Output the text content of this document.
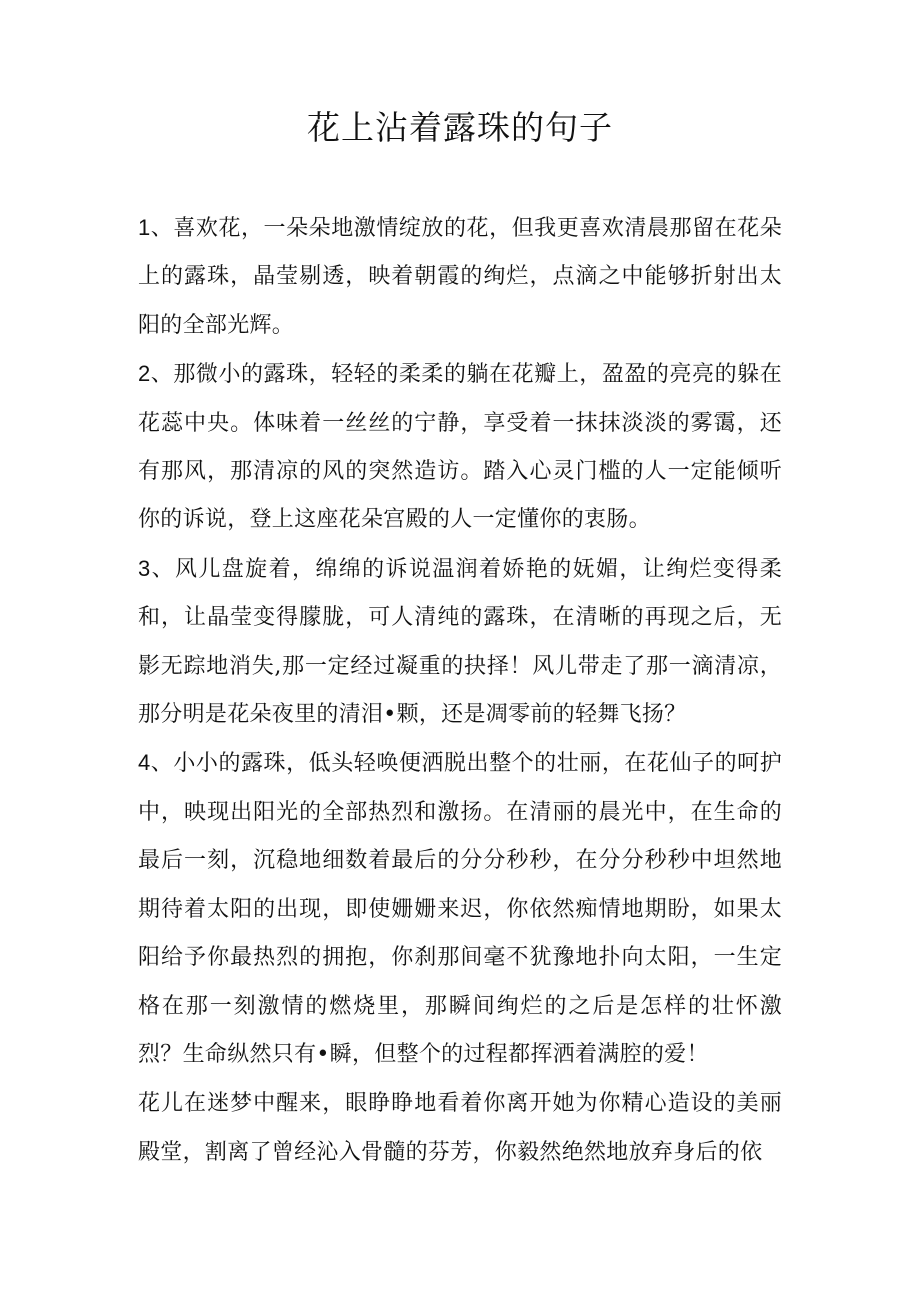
花上沾着露珠的句子

1、喜欢花，一朵朵地激情绽放的花，但我更喜欢清晨那留在花朵上的露珠，晶莹剔透，映着朝霞的绚烂，点滴之中能够折射出太阳的全部光辉。

2、那微小的露珠，轻轻的柔柔的躺在花瓣上，盈盈的亮亮的躲在花蕊中央。体味着一丝丝的宁静，享受着一抹抹淡淡的雾霭，还有那风，那清凉的风的突然造访。踏入心灵门槛的人一定能倾听你的诉说，登上这座花朵宫殿的人一定懂你的衷肠。

3、风儿盘旋着，绵绵的诉说温润着娇艳的妩媚，让绚烂变得柔和，让晶莹变得朦胧，可人清纯的露珠，在清晰的再现之后，无影无踪地消失,那一定经过凝重的抉择！风儿带走了那一滴清凉，那分明是花朵夜里的清泪•颗，还是凋零前的轻舞飞扬？

4、小小的露珠，低头轻唤便洒脱出整个的壮丽，在花仙子的呵护中，映现出阳光的全部热烈和激扬。在清丽的晨光中，在生命的最后一刻，沉稳地细数着最后的分分秒秒，在分分秒秒中坦然地期待着太阳的出现，即使姗姗来迟，你依然痴情地期盼，如果太阳给予你最热烈的拥抱，你刹那间毫不犹豫地扑向太阳，一生定格在那一刻激情的燃烧里，那瞬间绚烂的之后是怎样的壮怀激烈？生命纵然只有•瞬，但整个的过程都挥洒着满腔的爱！

花儿在迷梦中醒来，眼睁睁地看着你离开她为你精心造设的美丽殿堂，割离了曾经沁入骨髓的芬芳，你毅然绝然地放弃身后的依
